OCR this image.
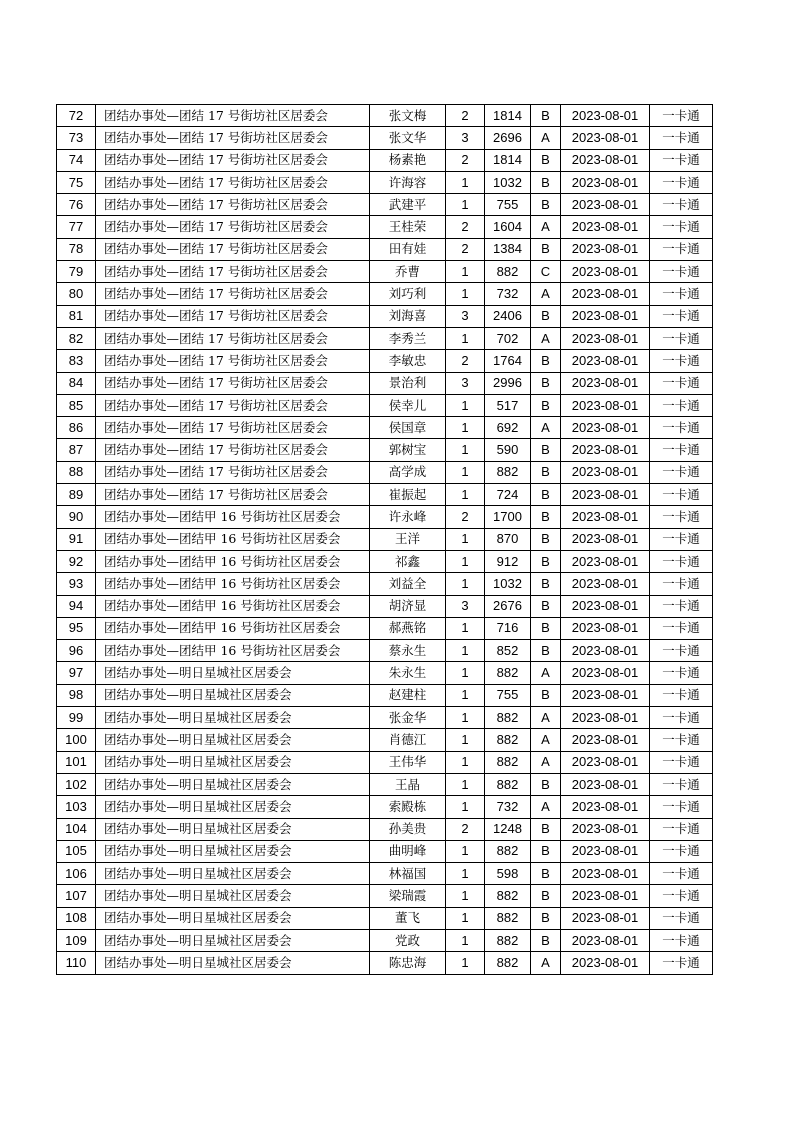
72	团结办事处—团结 17 号街坊社区居委会	张文梅	2	1814	B	2023-08-01	一卡通
73	团结办事处—团结 17 号街坊社区居委会	张文华	3	2696	A	2023-08-01	一卡通
74	团结办事处—团结 17 号街坊社区居委会	杨素艳	2	1814	B	2023-08-01	一卡通
75	团结办事处—团结 17 号街坊社区居委会	许海容	1	1032	B	2023-08-01	一卡通
76	团结办事处—团结 17 号街坊社区居委会	武建平	1	755	B	2023-08-01	一卡通
77	团结办事处—团结 17 号街坊社区居委会	王桂荣	2	1604	A	2023-08-01	一卡通
78	团结办事处—团结 17 号街坊社区居委会	田有娃	2	1384	B	2023-08-01	一卡通
79	团结办事处—团结 17 号街坊社区居委会	乔曹	1	882	C	2023-08-01	一卡通
80	团结办事处—团结 17 号街坊社区居委会	刘巧利	1	732	A	2023-08-01	一卡通
81	团结办事处—团结 17 号街坊社区居委会	刘海喜	3	2406	B	2023-08-01	一卡通
82	团结办事处—团结 17 号街坊社区居委会	李秀兰	1	702	A	2023-08-01	一卡通
83	团结办事处—团结 17 号街坊社区居委会	李敏忠	2	1764	B	2023-08-01	一卡通
84	团结办事处—团结 17 号街坊社区居委会	景治利	3	2996	B	2023-08-01	一卡通
85	团结办事处—团结 17 号街坊社区居委会	侯幸儿	1	517	B	2023-08-01	一卡通
86	团结办事处—团结 17 号街坊社区居委会	侯国章	1	692	A	2023-08-01	一卡通
87	团结办事处—团结 17 号街坊社区居委会	郭树宝	1	590	B	2023-08-01	一卡通
88	团结办事处—团结 17 号街坊社区居委会	高学成	1	882	B	2023-08-01	一卡通
89	团结办事处—团结 17 号街坊社区居委会	崔振起	1	724	B	2023-08-01	一卡通
90	团结办事处—团结甲 16 号街坊社区居委会	许永峰	2	1700	B	2023-08-01	一卡通
91	团结办事处—团结甲 16 号街坊社区居委会	王洋	1	870	B	2023-08-01	一卡通
92	团结办事处—团结甲 16 号街坊社区居委会	祁鑫	1	912	B	2023-08-01	一卡通
93	团结办事处—团结甲 16 号街坊社区居委会	刘益全	1	1032	B	2023-08-01	一卡通
94	团结办事处—团结甲 16 号街坊社区居委会	胡济显	3	2676	B	2023-08-01	一卡通
95	团结办事处—团结甲 16 号街坊社区居委会	郝燕铭	1	716	B	2023-08-01	一卡通
96	团结办事处—团结甲 16 号街坊社区居委会	蔡永生	1	852	B	2023-08-01	一卡通
97	团结办事处—明日星城社区居委会	朱永生	1	882	A	2023-08-01	一卡通
98	团结办事处—明日星城社区居委会	赵建柱	1	755	B	2023-08-01	一卡通
99	团结办事处—明日星城社区居委会	张金华	1	882	A	2023-08-01	一卡通
100	团结办事处—明日星城社区居委会	肖德江	1	882	A	2023-08-01	一卡通
101	团结办事处—明日星城社区居委会	王伟华	1	882	A	2023-08-01	一卡通
102	团结办事处—明日星城社区居委会	王晶	1	882	B	2023-08-01	一卡通
103	团结办事处—明日星城社区居委会	索殿栋	1	732	A	2023-08-01	一卡通
104	团结办事处—明日星城社区居委会	孙美贵	2	1248	B	2023-08-01	一卡通
105	团结办事处—明日星城社区居委会	曲明峰	1	882	B	2023-08-01	一卡通
106	团结办事处—明日星城社区居委会	林福国	1	598	B	2023-08-01	一卡通
107	团结办事处—明日星城社区居委会	梁瑞霞	1	882	B	2023-08-01	一卡通
108	团结办事处—明日星城社区居委会	董飞	1	882	B	2023-08-01	一卡通
109	团结办事处—明日星城社区居委会	党政	1	882	B	2023-08-01	一卡通
110	团结办事处—明日星城社区居委会	陈忠海	1	882	A	2023-08-01	一卡通
